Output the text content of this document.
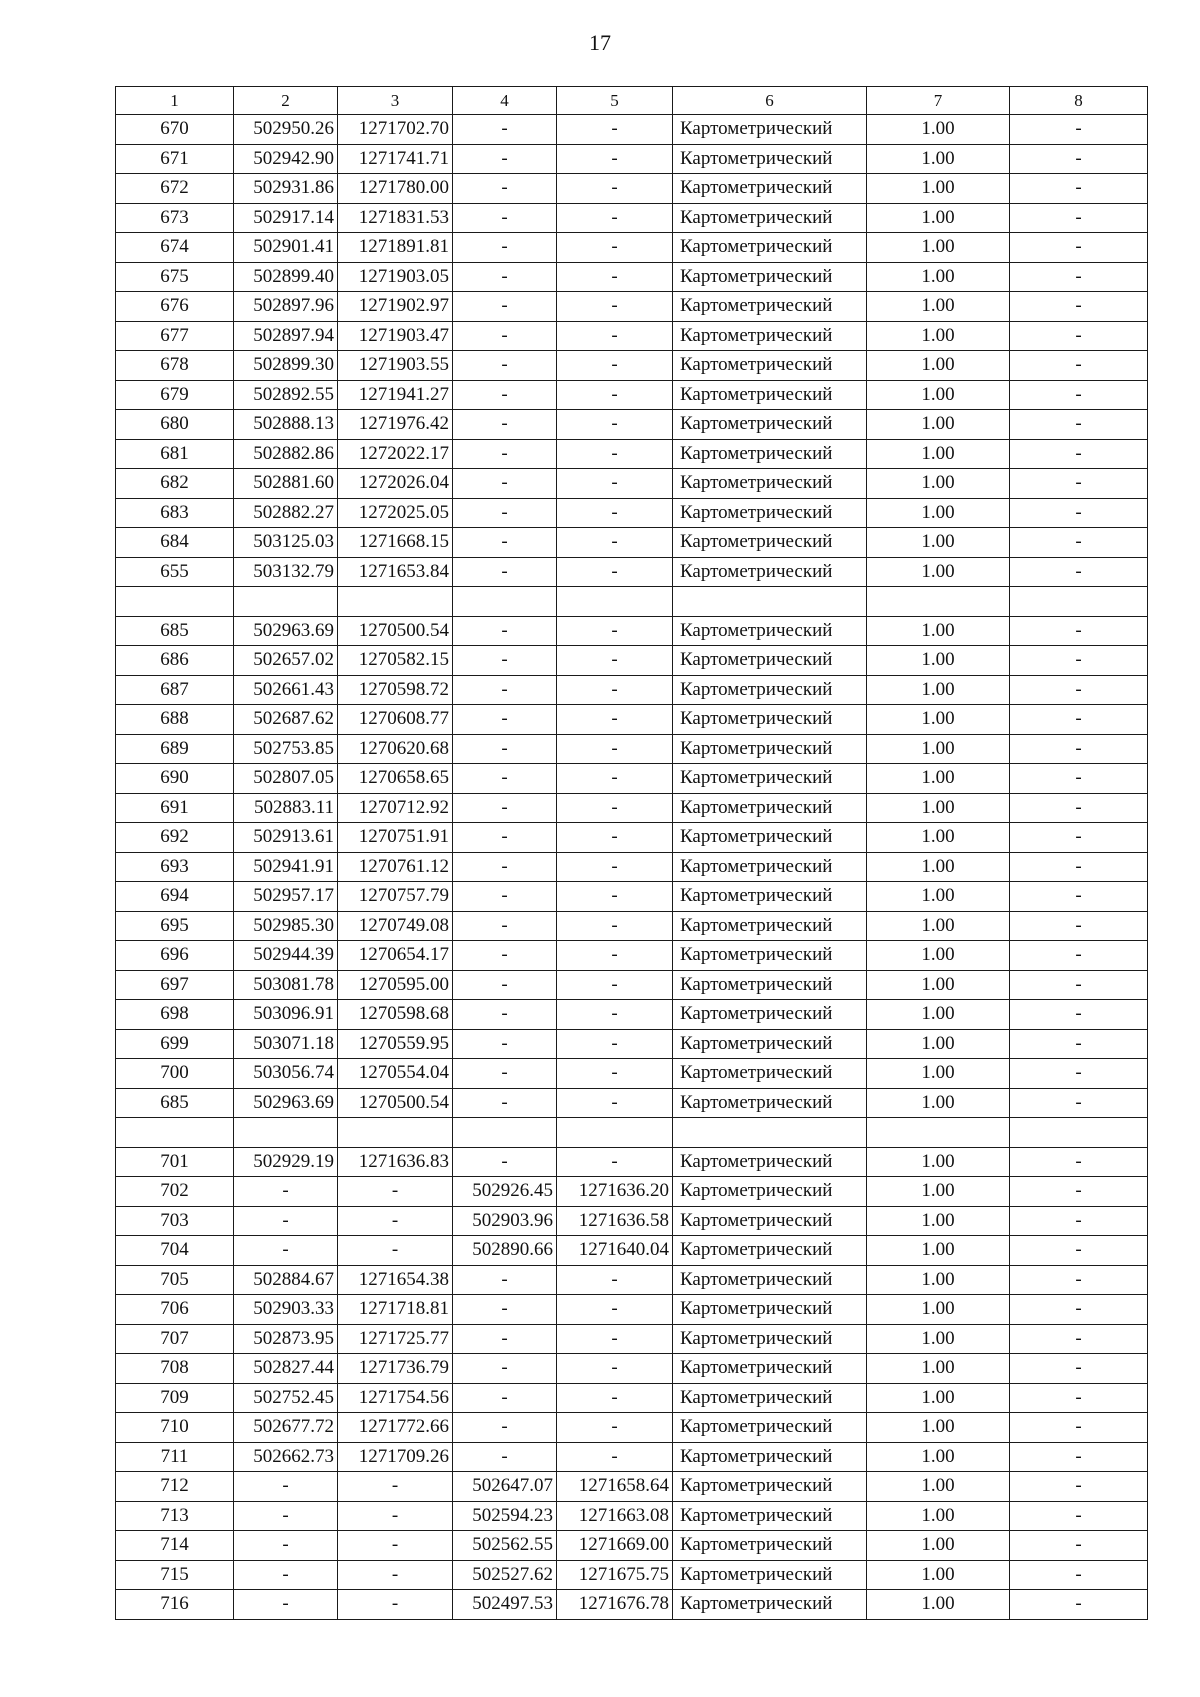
17
1	2	3	4	5	6	7	8
670	502950.26	1271702.70	-	-	Картометрический	1.00	-
671	502942.90	1271741.71	-	-	Картометрический	1.00	-
672	502931.86	1271780.00	-	-	Картометрический	1.00	-
673	502917.14	1271831.53	-	-	Картометрический	1.00	-
674	502901.41	1271891.81	-	-	Картометрический	1.00	-
675	502899.40	1271903.05	-	-	Картометрический	1.00	-
676	502897.96	1271902.97	-	-	Картометрический	1.00	-
677	502897.94	1271903.47	-	-	Картометрический	1.00	-
678	502899.30	1271903.55	-	-	Картометрический	1.00	-
679	502892.55	1271941.27	-	-	Картометрический	1.00	-
680	502888.13	1271976.42	-	-	Картометрический	1.00	-
681	502882.86	1272022.17	-	-	Картометрический	1.00	-
682	502881.60	1272026.04	-	-	Картометрический	1.00	-
683	502882.27	1272025.05	-	-	Картометрический	1.00	-
684	503125.03	1271668.15	-	-	Картометрический	1.00	-
655	503132.79	1271653.84	-	-	Картометрический	1.00	-

685	502963.69	1270500.54	-	-	Картометрический	1.00	-
686	502657.02	1270582.15	-	-	Картометрический	1.00	-
687	502661.43	1270598.72	-	-	Картометрический	1.00	-
688	502687.62	1270608.77	-	-	Картометрический	1.00	-
689	502753.85	1270620.68	-	-	Картометрический	1.00	-
690	502807.05	1270658.65	-	-	Картометрический	1.00	-
691	502883.11	1270712.92	-	-	Картометрический	1.00	-
692	502913.61	1270751.91	-	-	Картометрический	1.00	-
693	502941.91	1270761.12	-	-	Картометрический	1.00	-
694	502957.17	1270757.79	-	-	Картометрический	1.00	-
695	502985.30	1270749.08	-	-	Картометрический	1.00	-
696	502944.39	1270654.17	-	-	Картометрический	1.00	-
697	503081.78	1270595.00	-	-	Картометрический	1.00	-
698	503096.91	1270598.68	-	-	Картометрический	1.00	-
699	503071.18	1270559.95	-	-	Картометрический	1.00	-
700	503056.74	1270554.04	-	-	Картометрический	1.00	-
685	502963.69	1270500.54	-	-	Картометрический	1.00	-

701	502929.19	1271636.83	-	-	Картометрический	1.00	-
702	-	-	502926.45	1271636.20	Картометрический	1.00	-
703	-	-	502903.96	1271636.58	Картометрический	1.00	-
704	-	-	502890.66	1271640.04	Картометрический	1.00	-
705	502884.67	1271654.38	-	-	Картометрический	1.00	-
706	502903.33	1271718.81	-	-	Картометрический	1.00	-
707	502873.95	1271725.77	-	-	Картометрический	1.00	-
708	502827.44	1271736.79	-	-	Картометрический	1.00	-
709	502752.45	1271754.56	-	-	Картометрический	1.00	-
710	502677.72	1271772.66	-	-	Картометрический	1.00	-
711	502662.73	1271709.26	-	-	Картометрический	1.00	-
712	-	-	502647.07	1271658.64	Картометрический	1.00	-
713	-	-	502594.23	1271663.08	Картометрический	1.00	-
714	-	-	502562.55	1271669.00	Картометрический	1.00	-
715	-	-	502527.62	1271675.75	Картометрический	1.00	-
716	-	-	502497.53	1271676.78	Картометрический	1.00	-
